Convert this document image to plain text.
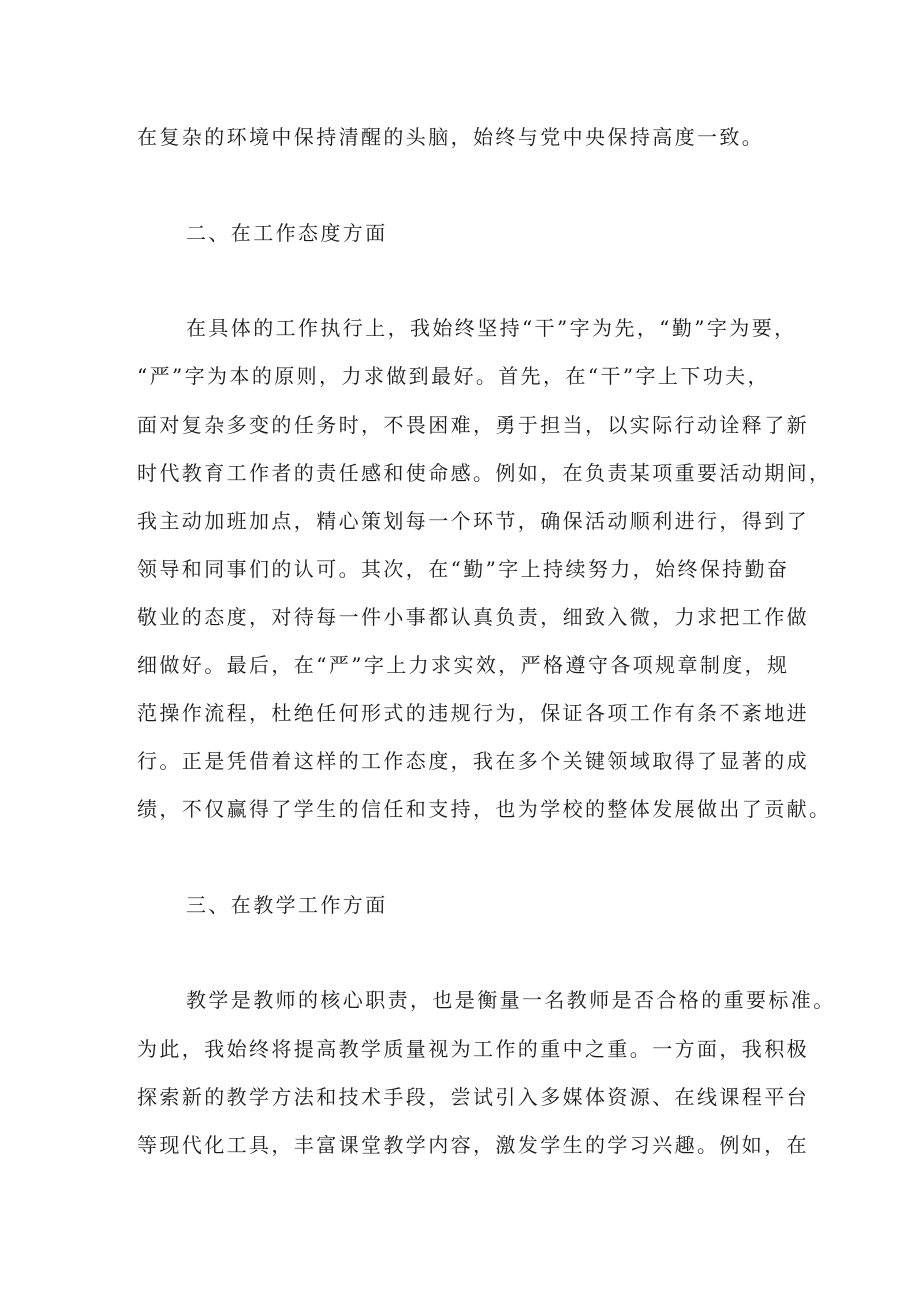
在复杂的环境中保持清醒的头脑，始终与党中央保持高度一致。
二、在工作态度方面
在具体的工作执行上，我始终坚持“干”字为先，“勤”字为要，
“严”字为本的原则，力求做到最好。首先，在“干”字上下功夫，
面对复杂多变的任务时，不畏困难，勇于担当，以实际行动诠释了新
时代教育工作者的责任感和使命感。例如，在负责某项重要活动期间，
我主动加班加点，精心策划每一个环节，确保活动顺利进行，得到了
领导和同事们的认可。其次，在“勤”字上持续努力，始终保持勤奋
敬业的态度，对待每一件小事都认真负责，细致入微，力求把工作做
细做好。最后，在“严”字上力求实效，严格遵守各项规章制度，规
范操作流程，杜绝任何形式的违规行为，保证各项工作有条不紊地进
行。正是凭借着这样的工作态度，我在多个关键领域取得了显著的成
绩，不仅赢得了学生的信任和支持，也为学校的整体发展做出了贡献。
三、在教学工作方面
教学是教师的核心职责，也是衡量一名教师是否合格的重要标准。
为此，我始终将提高教学质量视为工作的重中之重。一方面，我积极
探索新的教学方法和技术手段，尝试引入多媒体资源、在线课程平台
等现代化工具，丰富课堂教学内容，激发学生的学习兴趣。例如，在
